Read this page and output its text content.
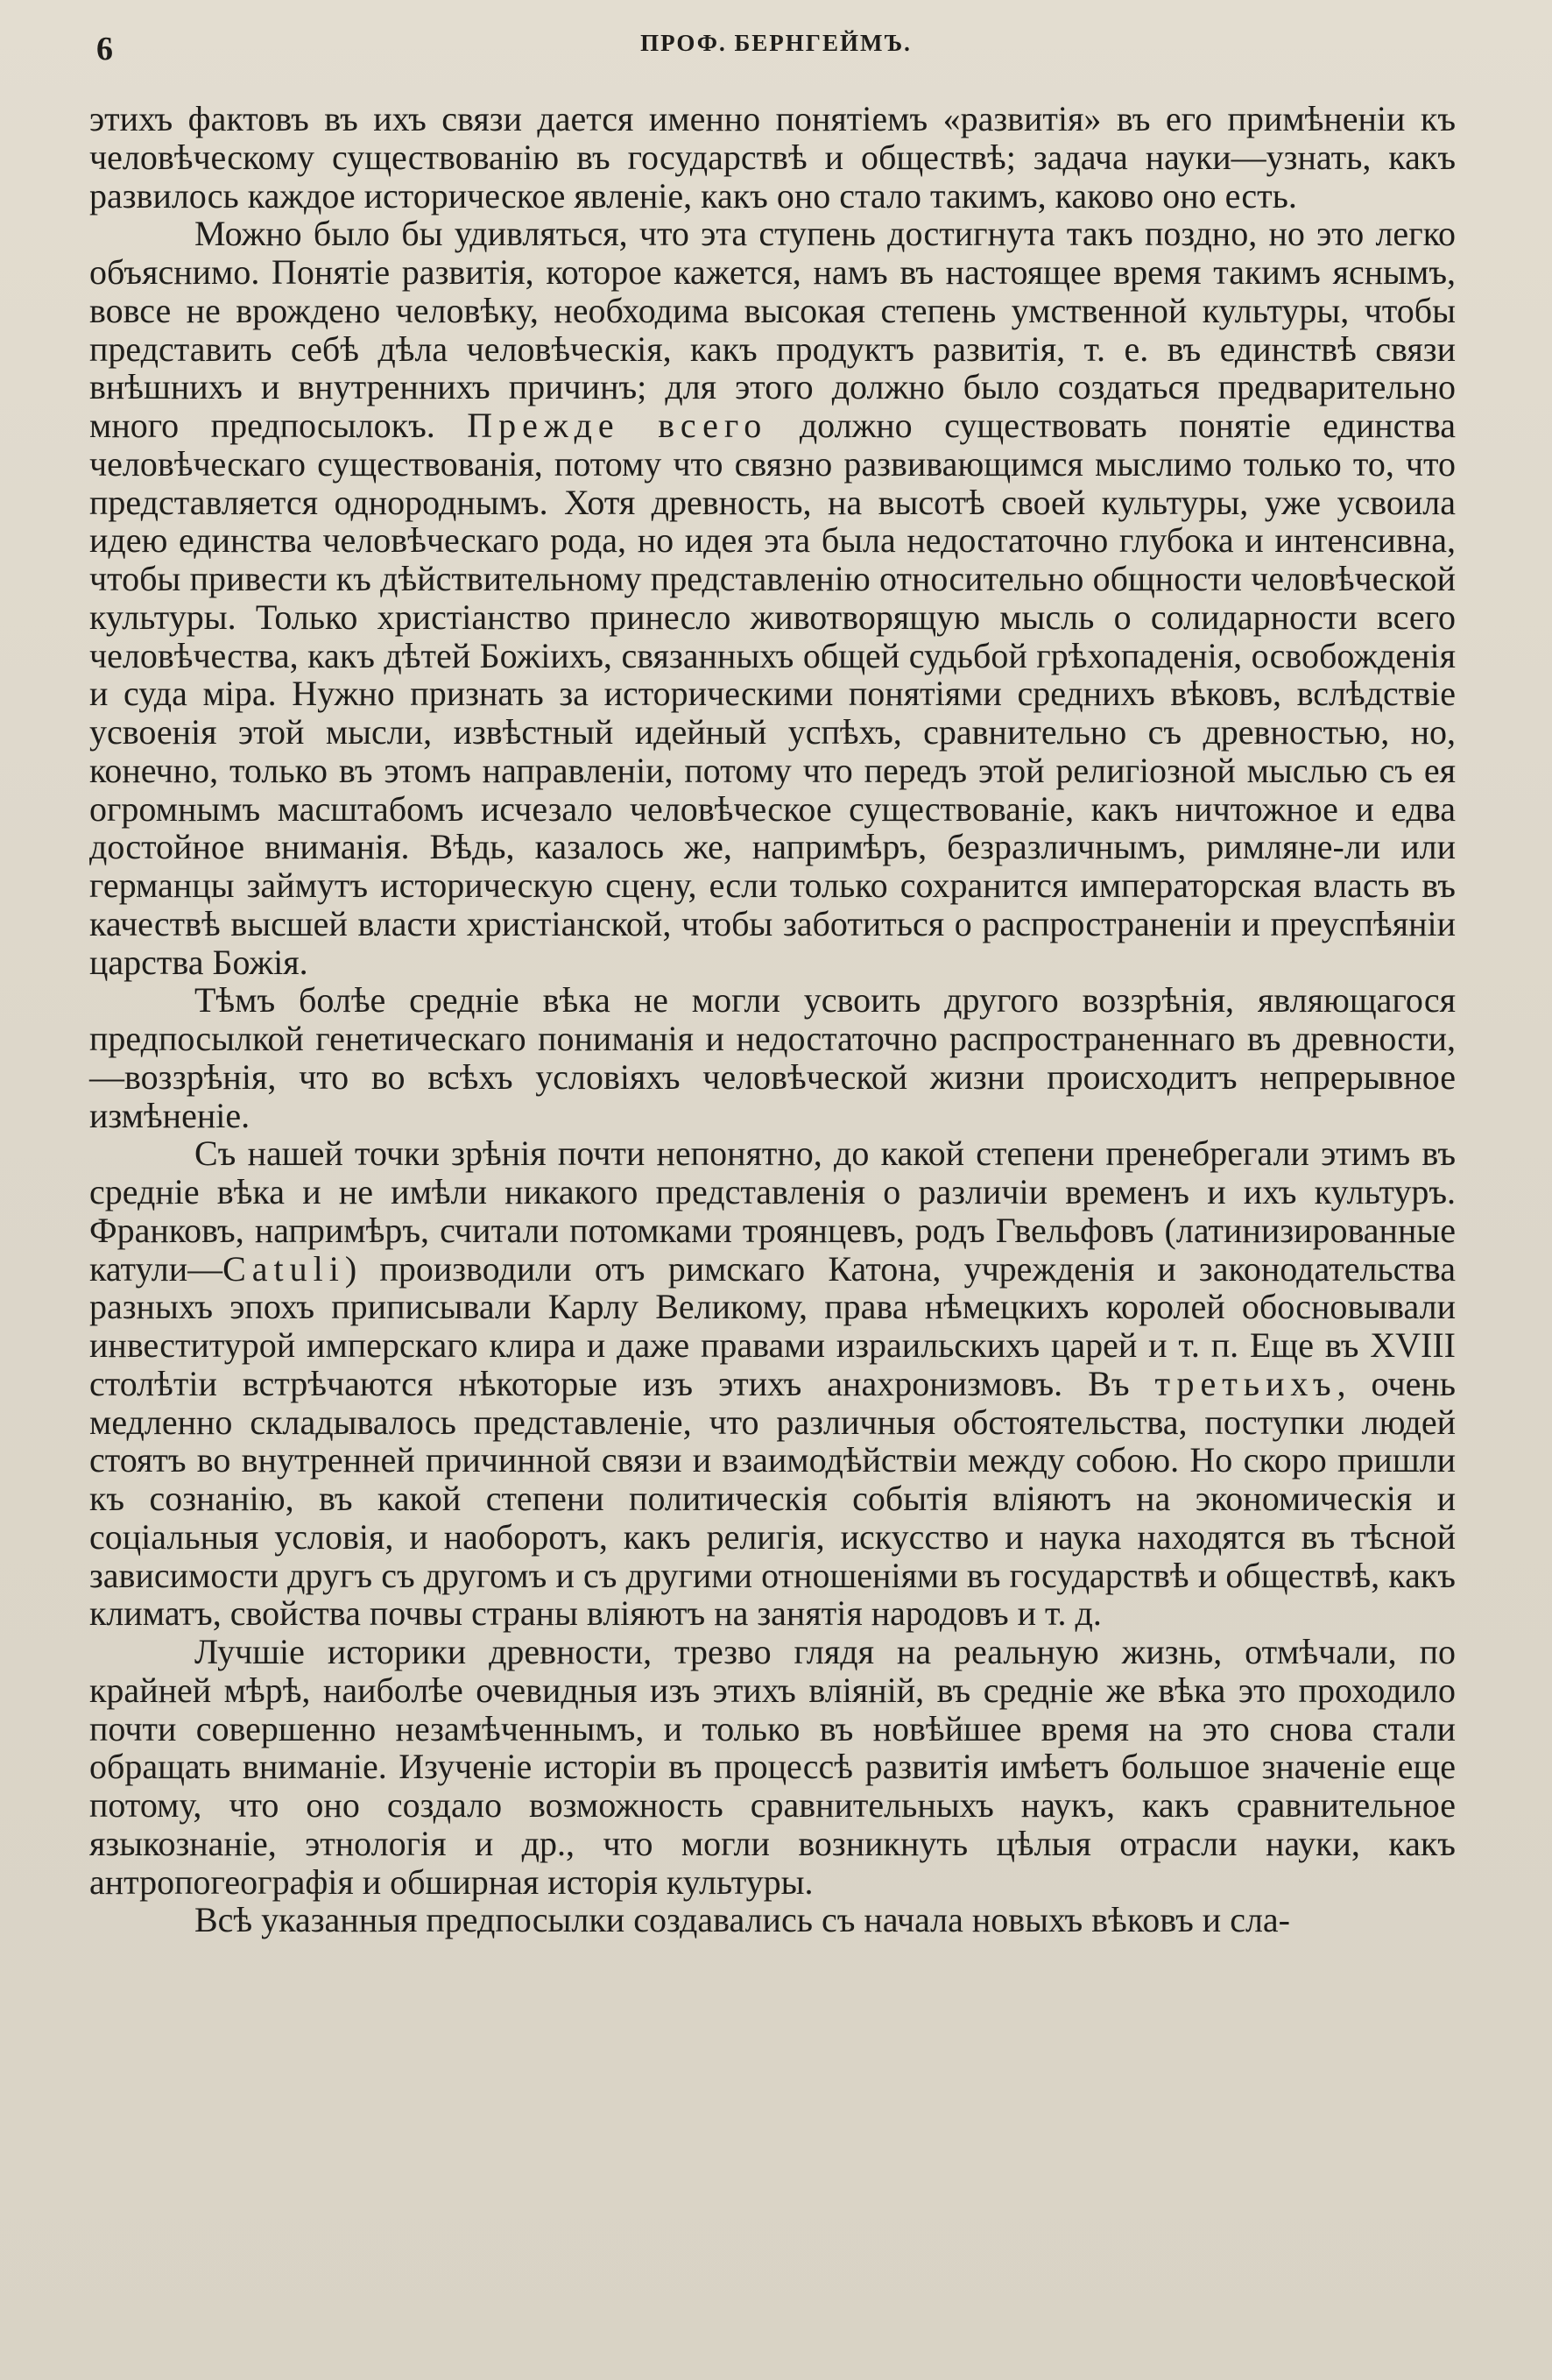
6	ПРОФ. БЕРНГЕЙМЪ.

этихъ фактовъ въ ихъ связи дается именно понятіемъ «развитія» въ его примѣненіи къ человѣческому существованію въ государствѣ и обществѣ; задача науки—узнать, какъ развилось каждое историческое явленіе, какъ оно стало такимъ, каково оно есть.

Можно было бы удивляться, что эта ступень достигнута такъ поздно, но это легко объяснимо. Понятіе развитія, которое кажется, намъ въ настоящее время такимъ яснымъ, вовсе не врождено человѣку, необходима высокая степень умственной культуры, чтобы представить себѣ дѣла человѣческія, какъ продуктъ развитія, т. е. въ единствѣ связи внѣшнихъ и внутреннихъ причинъ; для этого должно было создаться предварительно много предпосылокъ. Прежде всего должно существовать понятіе единства человѣческаго существованія, потому что связно развивающимся мыслимо только то, что представляется однороднымъ. Хотя древность, на высотѣ своей культуры, уже усвоила идею единства человѣческаго рода, но идея эта была недостаточно глубока и интенсивна, чтобы привести къ дѣйствительному представленію относительно общности человѣческой культуры. Только христіанство принесло животворящую мысль о солидарности всего человѣчества, какъ дѣтей Божіихъ, связанныхъ общей судьбой грѣхопаденія, освобожденія и суда міра. Нужно признать за историческими понятіями среднихъ вѣковъ, вслѣдствіе усвоенія этой мысли, извѣстный идейный успѣхъ, сравнительно съ древностью, но, конечно, только въ этомъ направленіи, потому что передъ этой религіозной мыслью съ ея огромнымъ масштабомъ исчезало человѣческое существованіе, какъ ничтожное и едва достойное вниманія. Вѣдь, казалось же, напримѣръ, безразличнымъ, римляне-ли или германцы займутъ историческую сцену, если только сохранится императорская власть въ качествѣ высшей власти христіанской, чтобы заботиться о распространеніи и преуспѣяніи царства Божія.

Тѣмъ болѣе средніе вѣка не могли усвоить другого воззрѣнія, являющагося предпосылкой генетическаго пониманія и недостаточно распространеннаго въ древности,—воззрѣнія, что во всѣхъ условіяхъ человѣческой жизни происходитъ непрерывное измѣненіе.

Съ нашей точки зрѣнія почти непонятно, до какой степени пренебрегали этимъ въ средніе вѣка и не имѣли никакого представленія о различіи временъ и ихъ культуръ. Франковъ, напримѣръ, считали потомками троянцевъ, родъ Гвельфовъ (латинизированные катули—Catuli) производили отъ римскаго Катона, учрежденія и законодательства разныхъ эпохъ приписывали Карлу Великому, права нѣмецкихъ королей обосновывали инвеститурой имперскаго клира и даже правами израильскихъ царей и т. п. Еще въ XVIII столѣтіи встрѣчаются нѣкоторые изъ этихъ анахронизмовъ. Въ третьихъ, очень медленно складывалось представленіе, что различныя обстоятельства, поступки людей стоятъ во внутренней причинной связи и взаимодѣйствіи между собою. Но скоро пришли къ сознанію, въ какой степени политическія событія вліяютъ на экономическія и соціальныя условія, и наоборотъ, какъ религія, искусство и наука находятся въ тѣсной зависимости другъ съ другомъ и съ другими отношеніями въ государствѣ и обществѣ, какъ климатъ, свойства почвы страны вліяютъ на занятія народовъ и т. д.

Лучшіе историки древности, трезво глядя на реальную жизнь, отмѣчали, по крайней мѣрѣ, наиболѣе очевидныя изъ этихъ вліяній, въ средніе же вѣка это проходило почти совершенно незамѣченнымъ, и только въ новѣйшее время на это снова стали обращать вниманіе. Изученіе исторіи въ процессѣ развитія имѣетъ большое значеніе еще потому, что оно создало возможность сравнительныхъ наукъ, какъ сравнительное языкознаніе, этнологія и др., что могли возникнуть цѣлыя отрасли науки, какъ антропогеографія и обширная исторія культуры.

Всѣ указанныя предпосылки создавались съ начала новыхъ вѣковъ и сла-
